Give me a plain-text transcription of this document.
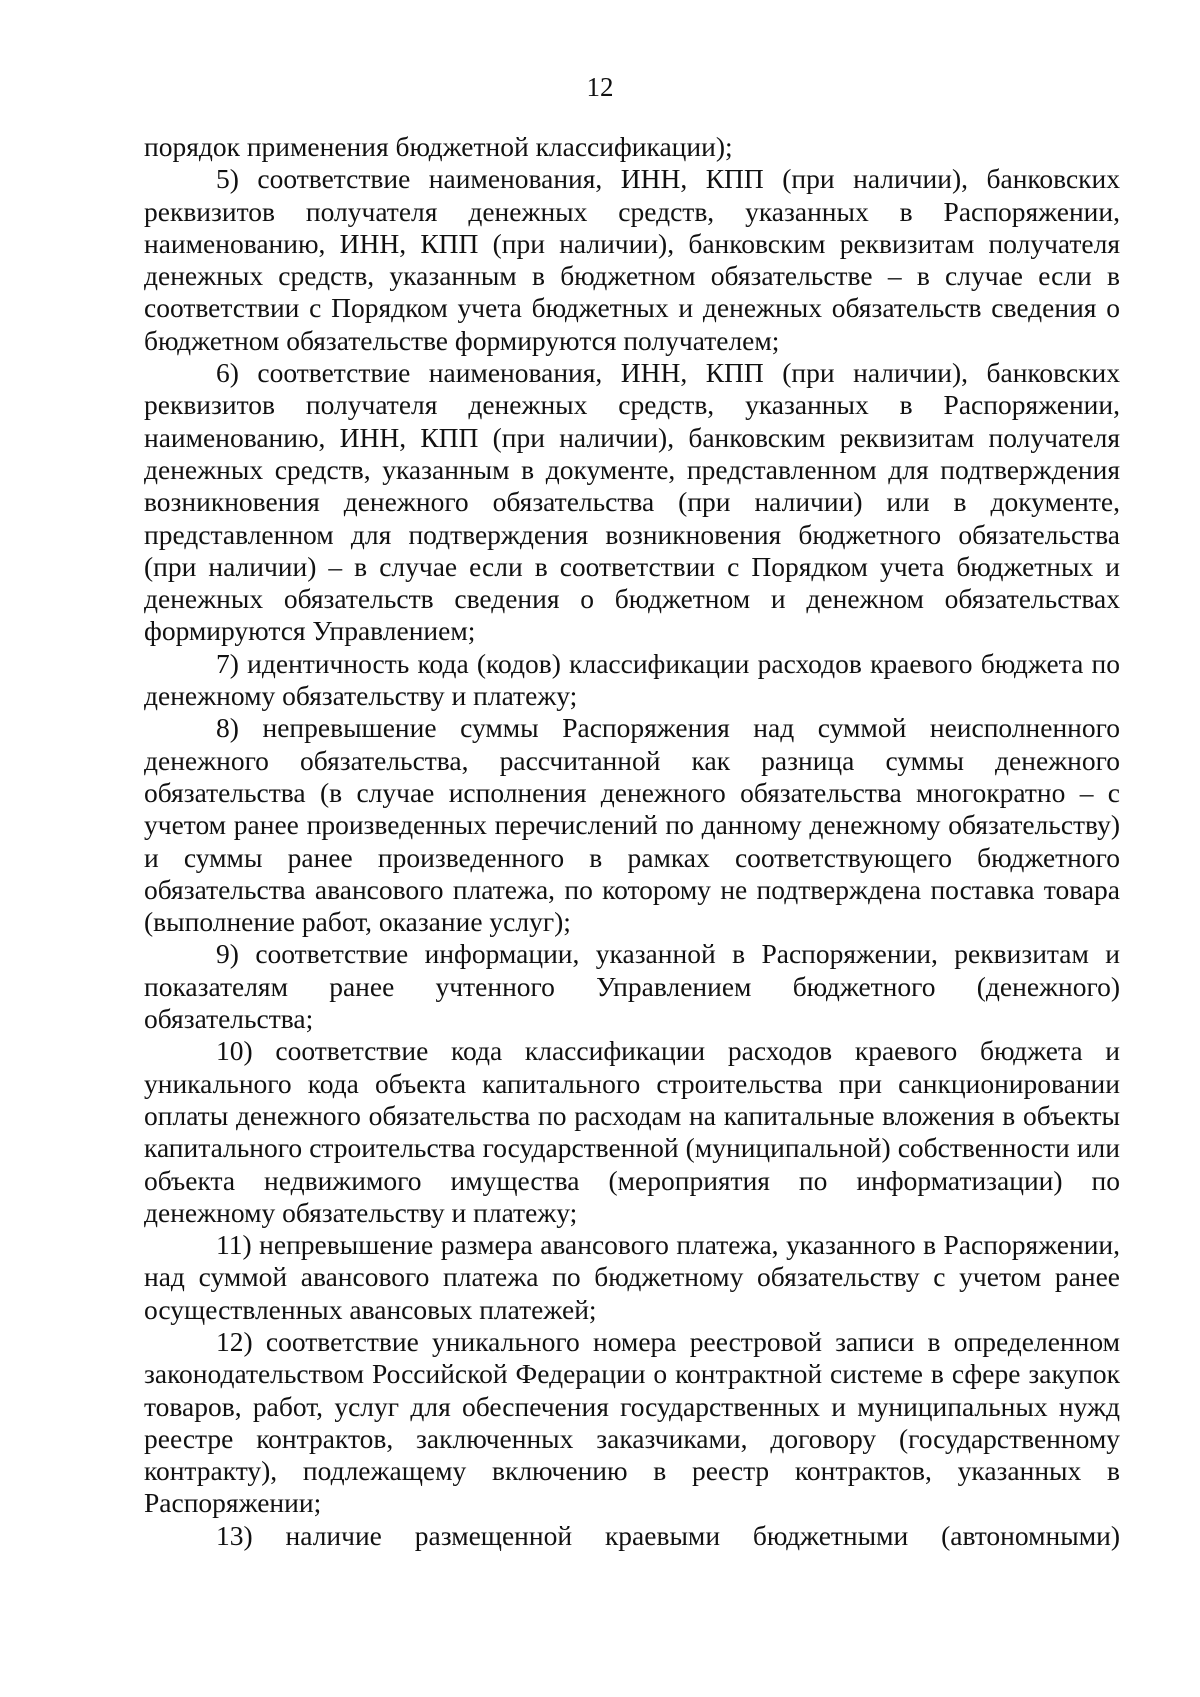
12

порядок применения бюджетной классификации);

5) соответствие наименования, ИНН, КПП (при наличии), банковских реквизитов получателя денежных средств, указанных в Распоряжении, наименованию, ИНН, КПП (при наличии), банковским реквизитам получателя денежных средств, указанным в бюджетном обязательстве – в случае если в соответствии с Порядком учета бюджетных и денежных обязательств сведения о бюджетном обязательстве формируются получателем;

6) соответствие наименования, ИНН, КПП (при наличии), банковских реквизитов получателя денежных средств, указанных в Распоряжении, наименованию, ИНН, КПП (при наличии), банковским реквизитам получателя денежных средств, указанным в документе, представленном для подтверждения возникновения денежного обязательства (при наличии) или в документе, представленном для подтверждения возникновения бюджетного обязательства (при наличии) – в случае если в соответствии с Порядком учета бюджетных и денежных обязательств сведения о бюджетном и денежном обязательствах формируются Управлением;

7) идентичность кода (кодов) классификации расходов краевого бюджета по денежному обязательству и платежу;

8) непревышение суммы Распоряжения над суммой неисполненного денежного обязательства, рассчитанной как разница суммы денежного обязательства (в случае исполнения денежного обязательства многократно – с учетом ранее произведенных перечислений по данному денежному обязательству) и суммы ранее произведенного в рамках соответствующего бюджетного обязательства авансового платежа, по которому не подтверждена поставка товара (выполнение работ, оказание услуг);

9) соответствие информации, указанной в Распоряжении, реквизитам и показателям ранее учтенного Управлением бюджетного (денежного) обязательства;

10) соответствие кода классификации расходов краевого бюджета и уникального кода объекта капитального строительства при санкционировании оплаты денежного обязательства по расходам на капитальные вложения в объекты капитального строительства государственной (муниципальной) собственности или объекта недвижимого имущества (мероприятия по информатизации) по денежному обязательству и платежу;

11) непревышение размера авансового платежа, указанного в Распоряжении, над суммой авансового платежа по бюджетному обязательству с учетом ранее осуществленных авансовых платежей;

12) соответствие уникального номера реестровой записи в определенном законодательством Российской Федерации о контрактной системе в сфере закупок товаров, работ, услуг для обеспечения государственных и муниципальных нужд реестре контрактов, заключенных заказчиками, договору (государственному контракту), подлежащему включению в реестр контрактов, указанных в Распоряжении;

13) наличие размещенной краевыми бюджетными (автономными)
